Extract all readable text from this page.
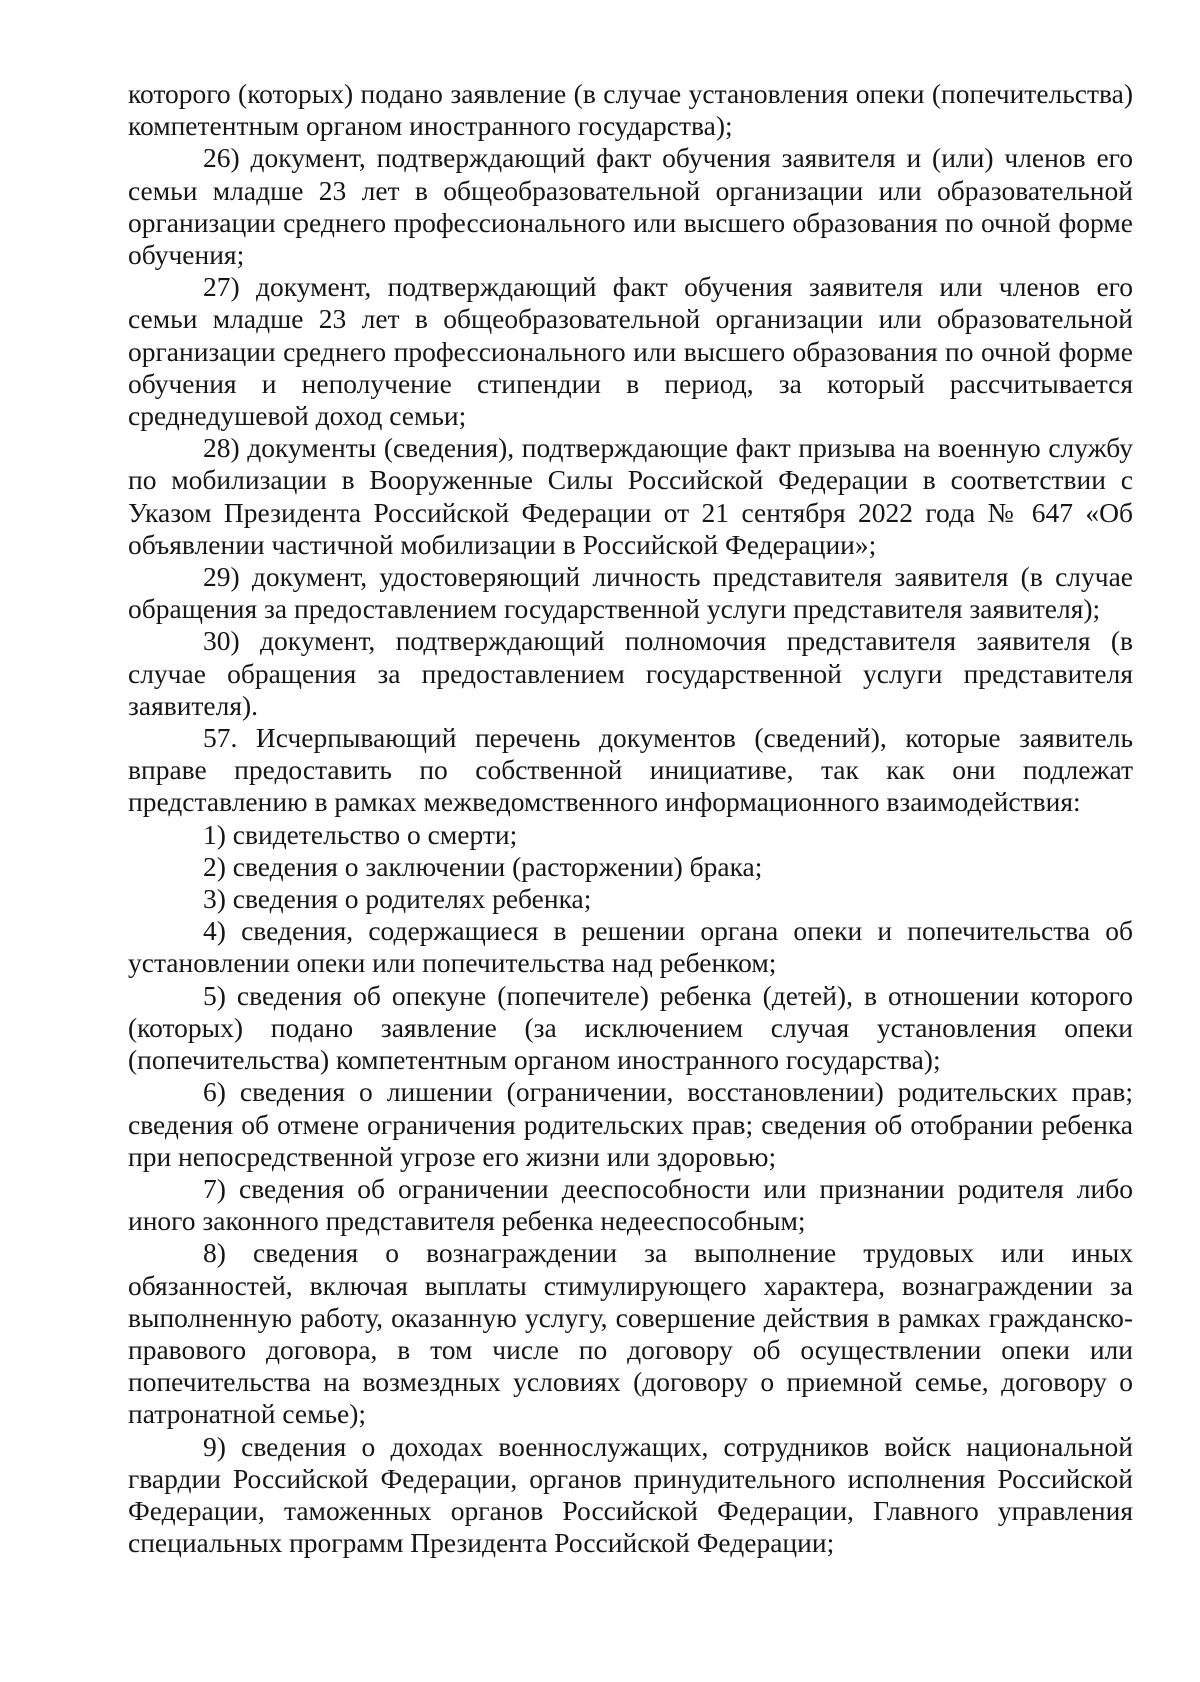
которого (которых) подано заявление (в случае установления опеки (попечительства) компетентным органом иностранного государства);

26) документ, подтверждающий факт обучения заявителя и (или) членов его семьи младше 23 лет в общеобразовательной организации или образовательной организации среднего профессионального или высшего образования по очной форме обучения;

27) документ, подтверждающий факт обучения заявителя или членов его семьи младше 23 лет в общеобразовательной организации или образовательной организации среднего профессионального или высшего образования по очной форме обучения и неполучение стипендии в период, за который рассчитывается среднедушевой доход семьи;

28) документы (сведения), подтверждающие факт призыва на военную службу по мобилизации в Вооруженные Силы Российской Федерации в соответствии с Указом Президента Российской Федерации от 21 сентября 2022 года № 647 «Об объявлении частичной мобилизации в Российской Федерации»;

29) документ, удостоверяющий личность представителя заявителя (в случае обращения за предоставлением государственной услуги представителя заявителя);

30) документ, подтверждающий полномочия представителя заявителя (в случае обращения за предоставлением государственной услуги представителя заявителя).

57. Исчерпывающий перечень документов (сведений), которые заявитель вправе предоставить по собственной инициативе, так как они подлежат представлению в рамках межведомственного информационного взаимодействия:

1) свидетельство о смерти;

2) сведения о заключении (расторжении) брака;

3) сведения о родителях ребенка;

4) сведения, содержащиеся в решении органа опеки и попечительства об установлении опеки или попечительства над ребенком;

5) сведения об опекуне (попечителе) ребенка (детей), в отношении которого (которых) подано заявление (за исключением случая установления опеки (попечительства) компетентным органом иностранного государства);

6) сведения о лишении (ограничении, восстановлении) родительских прав; сведения об отмене ограничения родительских прав; сведения об отобрании ребенка при непосредственной угрозе его жизни или здоровью;

7) сведения об ограничении дееспособности или признании родителя либо иного законного представителя ребенка недееспособным;

8) сведения о вознаграждении за выполнение трудовых или иных обязанностей, включая выплаты стимулирующего характера, вознаграждении за выполненную работу, оказанную услугу, совершение действия в рамках гражданско-правового договора, в том числе по договору об осуществлении опеки или попечительства на возмездных условиях (договору о приемной семье, договору о патронатной семье);

9) сведения о доходах военнослужащих, сотрудников войск национальной гвардии Российской Федерации, органов принудительного исполнения Российской Федерации, таможенных органов Российской Федерации, Главного управления специальных программ Президента Российской Федерации;
